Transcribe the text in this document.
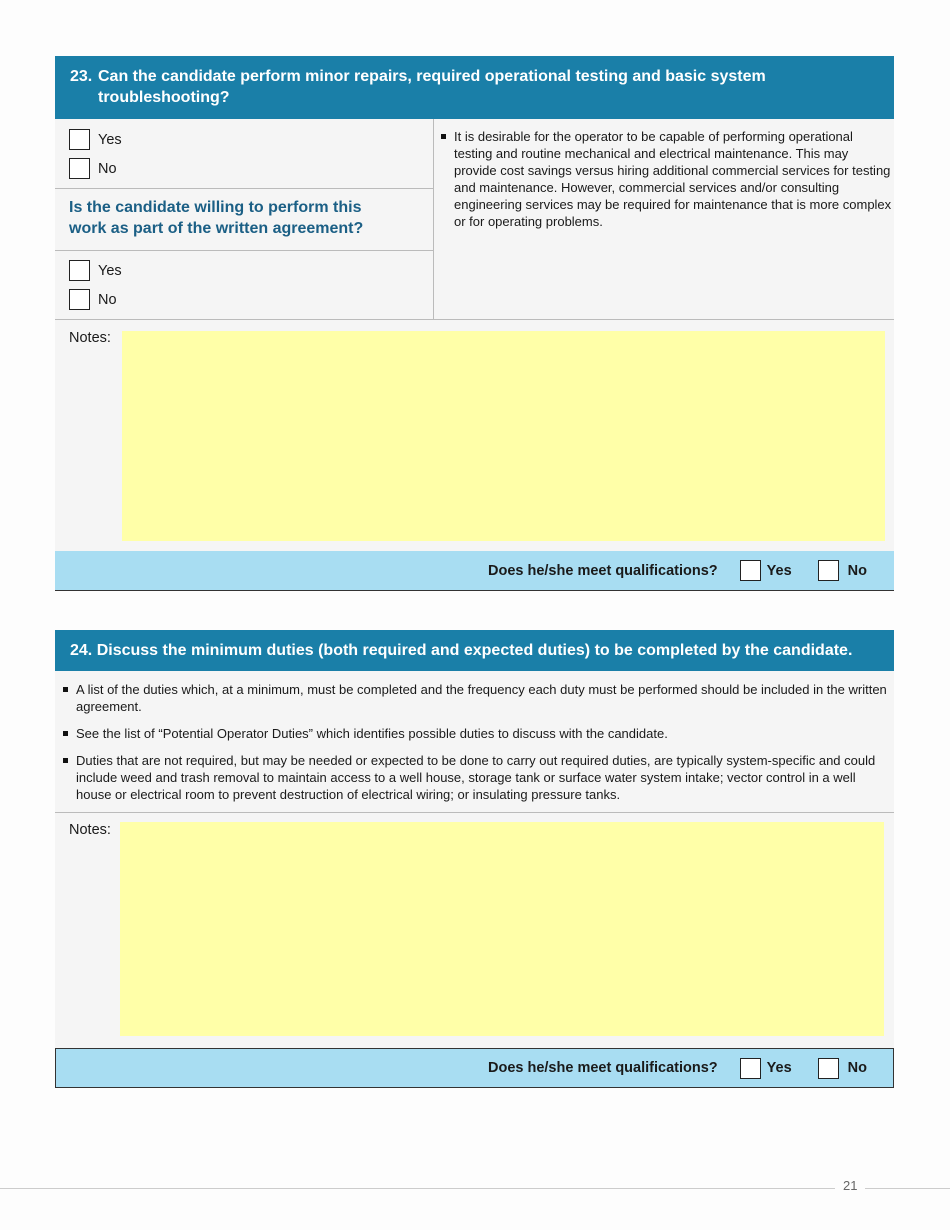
23. Can the candidate perform minor repairs, required operational testing and basic system troubleshooting?
Yes
No
Is the candidate willing to perform this work as part of the written agreement?
Yes
No
It is desirable for the operator to be capable of performing operational testing and routine mechanical and electrical maintenance. This may provide cost savings versus hiring additional commercial services for testing and maintenance. However, commercial services and/or consulting engineering services may be required for maintenance that is more complex or for operating problems.
Notes:
Does he/she meet qualifications?	Yes	No
24. Discuss the minimum duties (both required and expected duties) to be completed by the candidate.
A list of the duties which, at a minimum, must be completed and the frequency each duty must be performed should be included in the written agreement.
See the list of “Potential Operator Duties” which identifies possible duties to discuss with the candidate.
Duties that are not required, but may be needed or expected to be done to carry out required duties, are typically system-specific and could include weed and trash removal to maintain access to a well house, storage tank or surface water system intake; vector control in a well house or electrical room to prevent destruction of electrical wiring; or insulating pressure tanks.
Notes:
Does he/she meet qualifications?	Yes	No
21
